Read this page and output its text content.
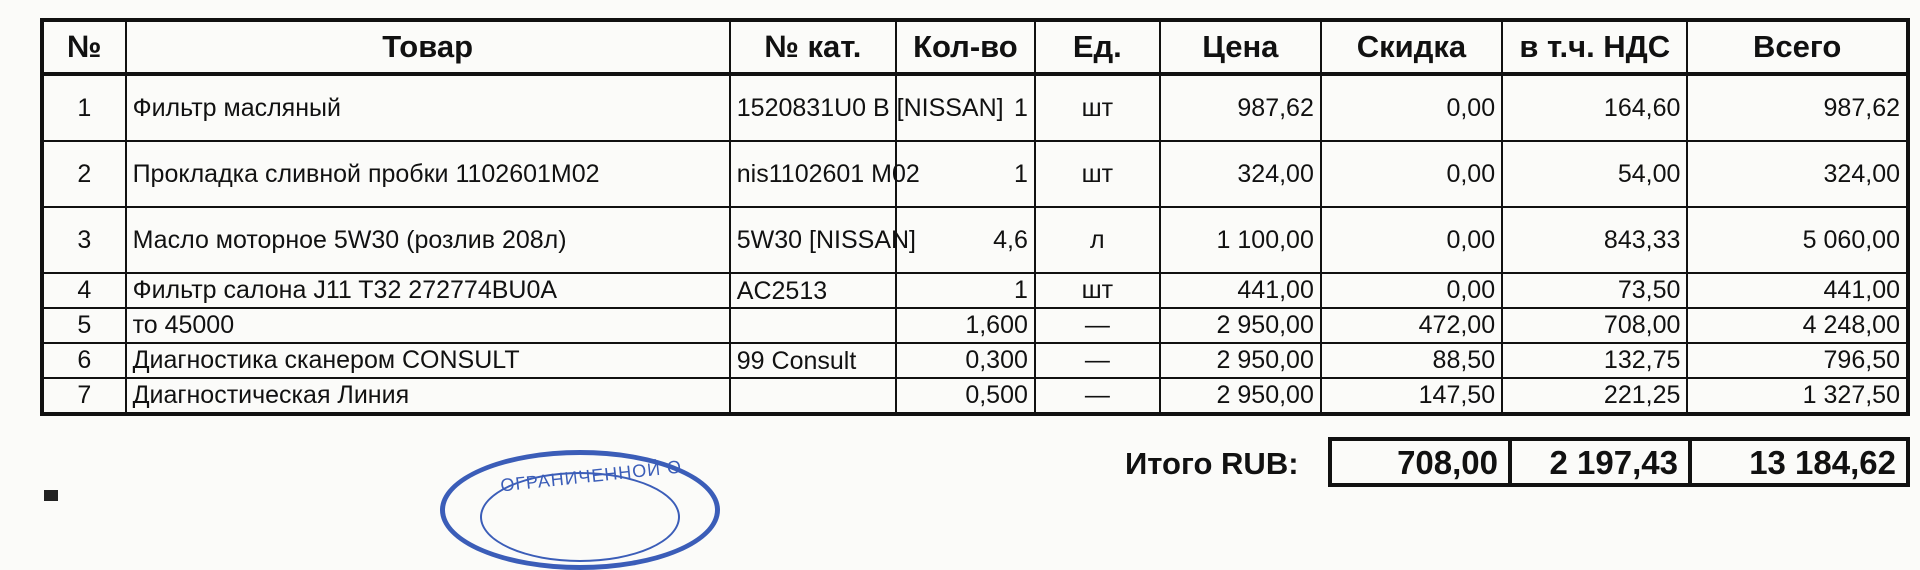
№	Товар	№ кат.	Кол-во	Ед.	Цена	Скидка	в т.ч. НДС	Всего
1	Фильтр масляный	1520831U0 B [NISSAN]	1	шт	987,62	0,00	164,60	987,62
2	Прокладка сливной пробки 1102601M02	nis1102601 M02	1	шт	324,00	0,00	54,00	324,00
3	Масло моторное 5W30 (розлив 208л)	5W30 [NISSAN]	4,6	л	1 100,00	0,00	843,33	5 060,00
4	Фильтр салона J11 T32 272774BU0A	AC2513	1	шт	441,00	0,00	73,50	441,00
5	то 45000		1,600	—	2 950,00	472,00	708,00	4 248,00
6	Диагностика сканером CONSULT	99 Consult	0,300	—	2 950,00	88,50	132,75	796,50
7	Диагностическая Линия		0,500	—	2 950,00	147,50	221,25	1 327,50
Итого RUB:	708,00	2 197,43	13 184,62
ОГРАНИЧЕННОЙ О
